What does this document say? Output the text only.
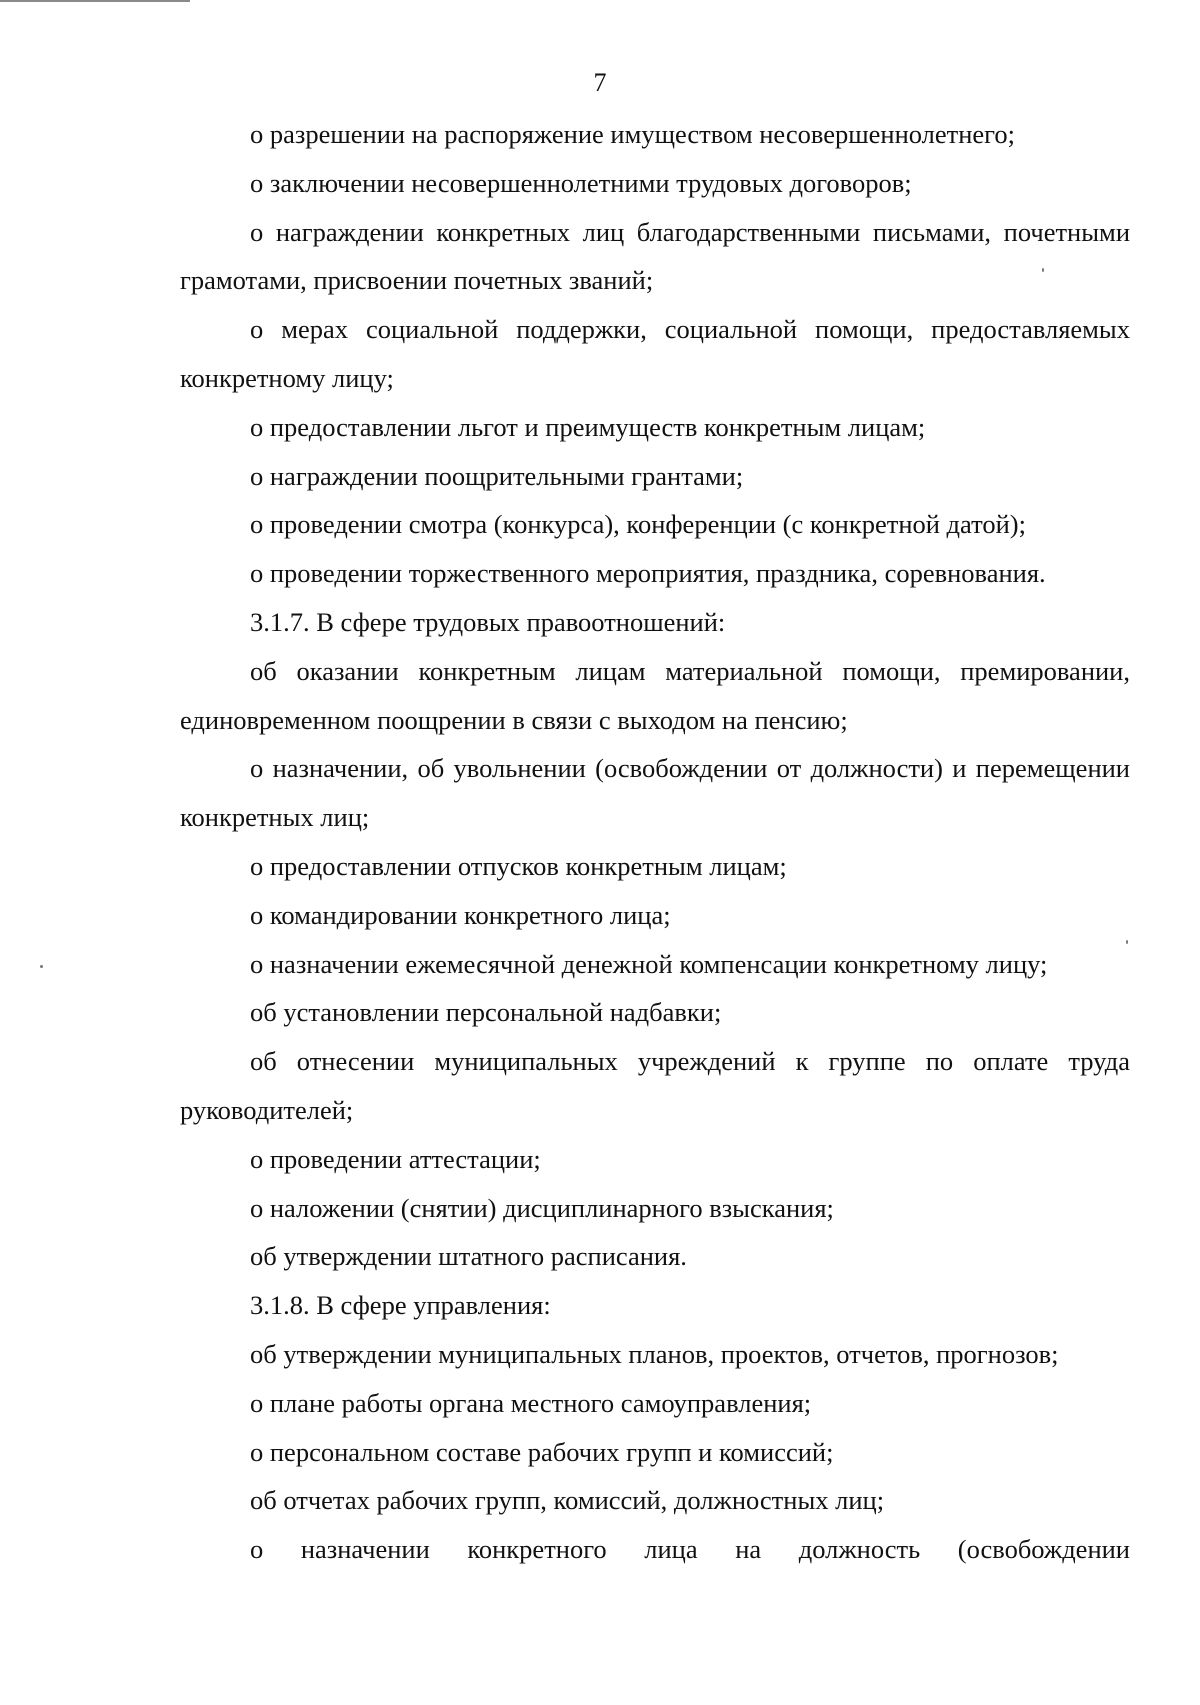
7

о разрешении на распоряжение имуществом несовершеннолетнего;

о заключении несовершеннолетними трудовых договоров;

о награждении конкретных лиц благодарственными письмами, почетными грамотами, присвоении почетных званий;

о мерах социальной поддержки, социальной помощи, предоставляемых конкретному лицу;

о предоставлении льгот и преимуществ конкретным лицам;

о награждении поощрительными грантами;

о проведении смотра (конкурса), конференции (с конкретной датой);

о проведении торжественного мероприятия, праздника, соревнования.

3.1.7. В сфере трудовых правоотношений:

об оказании конкретным лицам материальной помощи, премировании, единовременном поощрении в связи с выходом на пенсию;

о назначении, об увольнении (освобождении от должности) и перемещении конкретных лиц;

о предоставлении отпусков конкретным лицам;

о командировании конкретного лица;

о назначении ежемесячной денежной компенсации конкретному лицу;

об установлении персональной надбавки;

об отнесении муниципальных учреждений к группе по оплате труда руководителей;

о проведении аттестации;

о наложении (снятии) дисциплинарного взыскания;

об утверждении штатного расписания.

3.1.8. В сфере управления:

об утверждении муниципальных планов, проектов, отчетов, прогнозов;

о плане работы органа местного самоуправления;

о персональном составе рабочих групп и комиссий;

об отчетах рабочих групп, комиссий, должностных лиц;

о назначении конкретного лица на должность (освобождении
